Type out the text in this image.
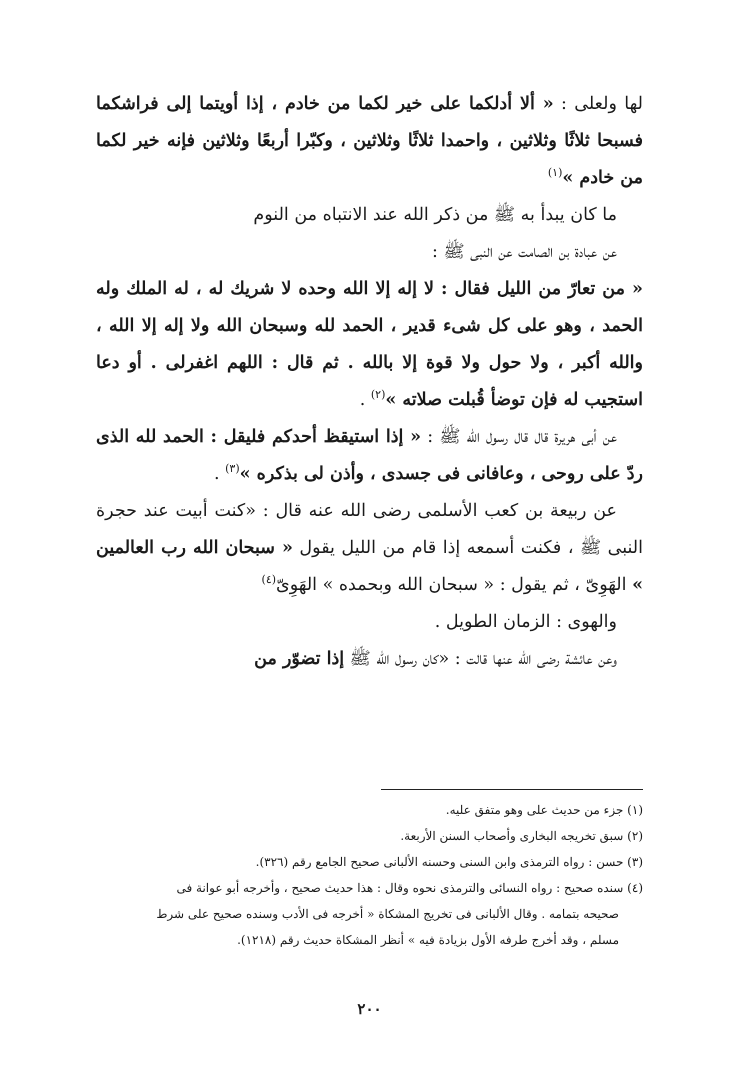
لها ولعلى : « ألا أدلكما على خير لكما من خادم ، إذا أويتما إلى فراشكما فسبحا ثلاثًا وثلاثين ، واحمدا ثلاثًا وثلاثين ، وكبّرا أربعًا وثلاثين فإنه خير لكما من خادم »$^{(١)}$

ما كان يبدأ به ﷺ من ذكر الله عند الانتباه من النوم

عن عبادة بن الصامت عن النبى ﷺ :

« من تعارّ من الليل فقال : لا إله إلا الله وحده لا شريك له ، له الملك وله الحمد ، وهو على كل شىء قدير ، الحمد لله وسبحان الله ولا إله إلا الله ، والله أكبر ، ولا حول ولا قوة إلا بالله . ثم قال : اللهم اغفرلى . أو دعا استجيب له فإن توضأ قُبلت صلاته »$^{(٢)}$ .

عن أبى هريرة قال قال رسول الله ﷺ : « إذا استيقظ أحدكم فليقل : الحمد لله الذى ردّ على روحى ، وعافانى فى جسدى ، وأذن لى بذكره »$^{(٣)}$ .

عن ربيعة بن كعب الأسلمى رضى الله عنه قال : «كنت أبيت عند حجرة النبى ﷺ ، فكنت أسمعه إذا قام من الليل يقول « سبحان الله رب العالمين » الهَوِىّ ، ثم يقول : « سبحان الله وبحمده » الهَوِىّ$^{(٤)}$

والهوى : الزمان الطويل .

وعن عائشة رضى الله عنها قالت : «كان رسول الله ﷺ إذا تضوّر من

(١) جزء من حديث على وهو متفق عليه.

(٢) سبق تخريجه البخارى وأصحاب السنن الأربعة.

(٣) حسن : رواه الترمذى وابن السنى وحسنه الألبانى صحيح الجامع رقم (٣٢٦).

(٤) سنده صحيح : رواه النسائى والترمذى نحوه وقال : هذا حديث صحيح ، وأخرجه أبو عوانة فى

صحيحه بتمامه . وقال الألبانى فى تخريج المشكاة « أخرجه فى الأدب وسنده صحيح على شرط

مسلم ، وقد أخرج طرفه الأول بزيادة فيه » أنظر المشكاة حديث رقم (١٢١٨).

٢٠٠
